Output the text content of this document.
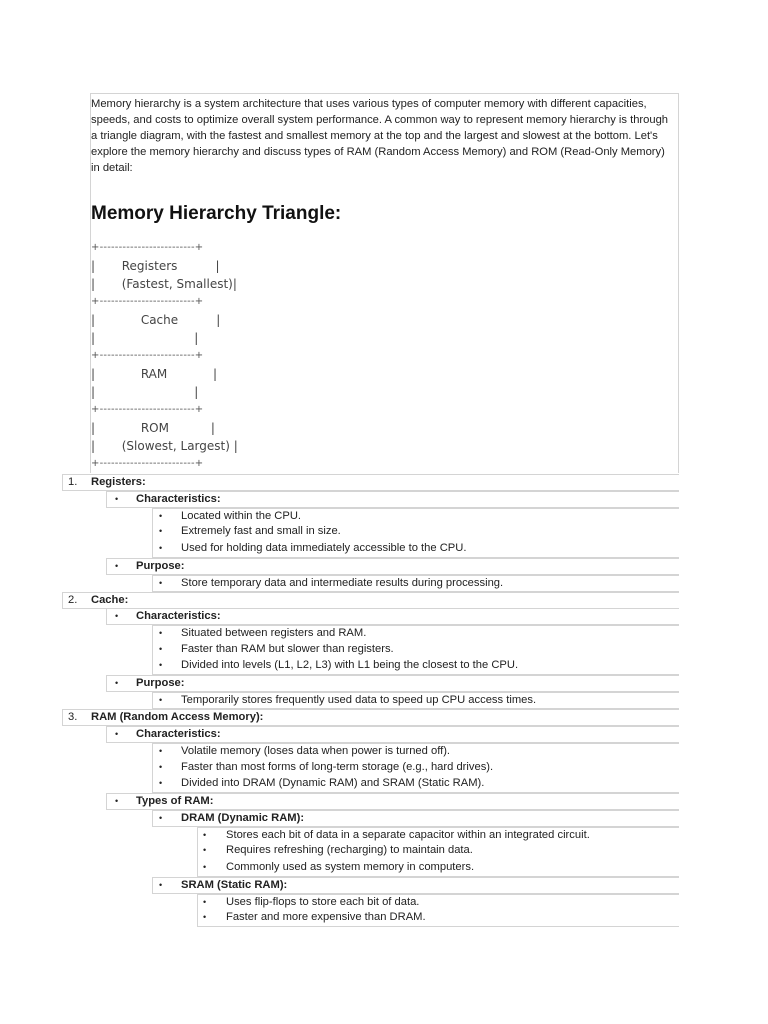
Memory hierarchy is a system architecture that uses various types of computer memory with different capacities, speeds, and costs to optimize overall system performance. A common way to represent memory hierarchy is through a triangle diagram, with the fastest and smallest memory at the top and the largest and slowest at the bottom. Let's explore the memory hierarchy and discuss types of RAM (Random Access Memory) and ROM (Read-Only Memory) in detail:

Memory Hierarchy Triangle:
+-------------------------+
|       Registers          |
|       (Fastest, Smallest)|
+-------------------------+
|            Cache          |
|                          |
+-------------------------+
|            RAM            |
|                          |
+-------------------------+
|            ROM           |
|       (Slowest, Largest) |
+-------------------------+
1. Registers:
• Characteristics:
• Located within the CPU.
• Extremely fast and small in size.
• Used for holding data immediately accessible to the CPU.
• Purpose:
• Store temporary data and intermediate results during processing.
2. Cache:
• Characteristics:
• Situated between registers and RAM.
• Faster than RAM but slower than registers.
• Divided into levels (L1, L2, L3) with L1 being the closest to the CPU.
• Purpose:
• Temporarily stores frequently used data to speed up CPU access times.
3. RAM (Random Access Memory):
• Characteristics:
• Volatile memory (loses data when power is turned off).
• Faster than most forms of long-term storage (e.g., hard drives).
• Divided into DRAM (Dynamic RAM) and SRAM (Static RAM).
• Types of RAM:
• DRAM (Dynamic RAM):
• Stores each bit of data in a separate capacitor within an integrated circuit.
• Requires refreshing (recharging) to maintain data.
• Commonly used as system memory in computers.
• SRAM (Static RAM):
• Uses flip-flops to store each bit of data.
• Faster and more expensive than DRAM.
